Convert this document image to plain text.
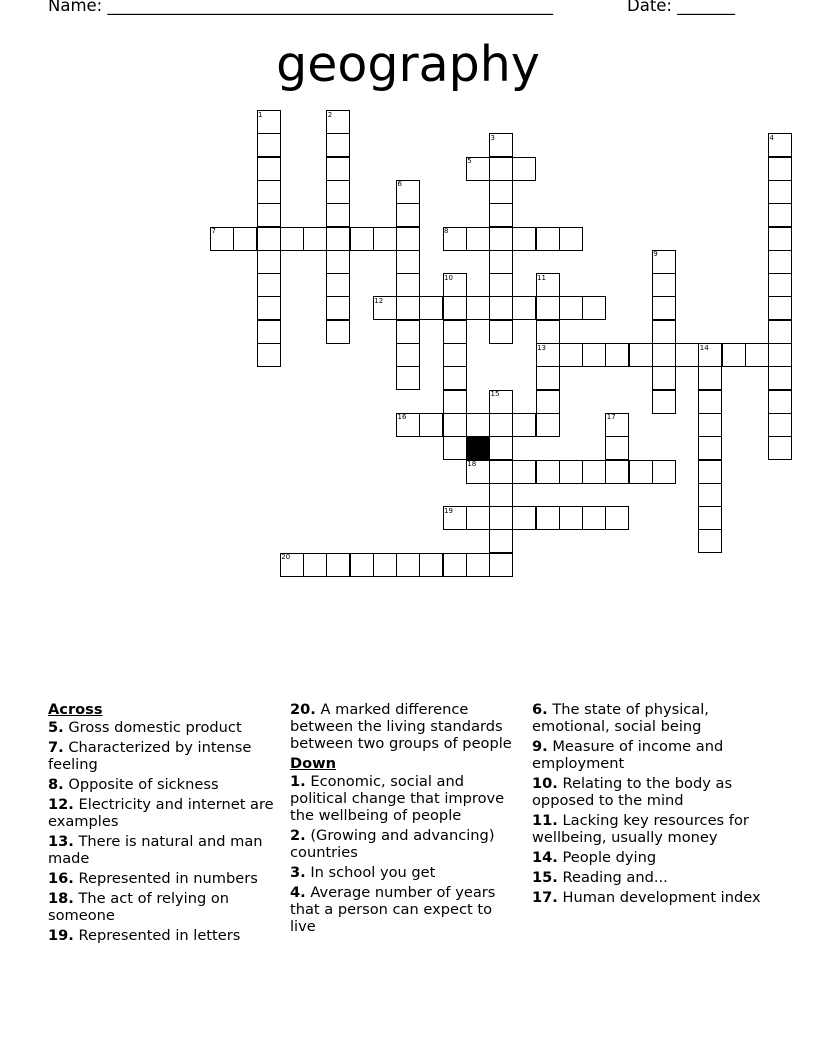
Name: ______________________________________________________	Date: _______
geography
1	2
3	4
5
6
7	8
9
10	11
12
13	14
15
16	17
18
19
20
Across
5. Gross domestic product
7. Characterized by intense feeling
8. Opposite of sickness
12. Electricity and internet are examples
13. There is natural and man made
16. Represented in numbers
18. The act of relying on someone
19. Represented in letters
20. A marked difference between the living standards between two groups of people
Down
1. Economic, social and political change that improve the wellbeing of people
2. (Growing and advancing) countries
3. In school you get
4. Average number of years that a person can expect to live
6. The state of physical, emotional, social being
9. Measure of income and employment
10. Relating to the body as opposed to the mind
11. Lacking key resources for wellbeing, usually money
14. People dying
15. Reading and...
17. Human development index
